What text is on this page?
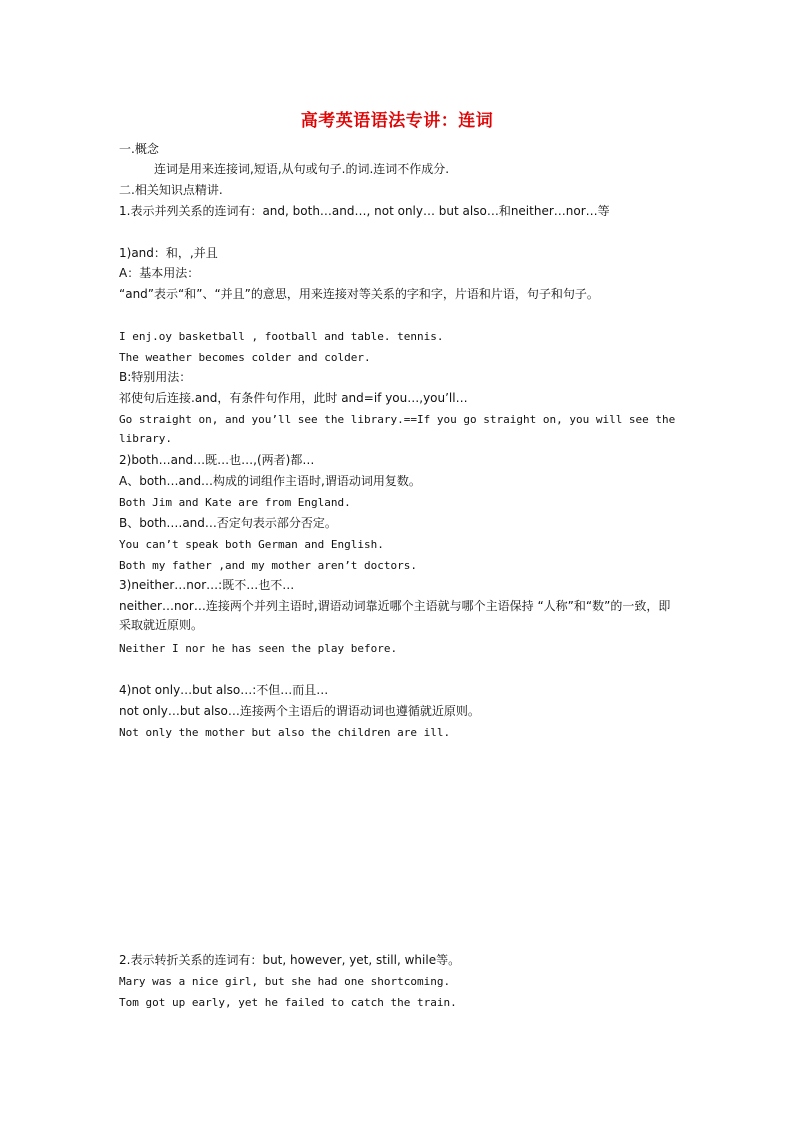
高考英语语法专讲：连词
一.概念
连词是用来连接词,短语,从句或句子.的词.连词不作成分.
二.相关知识点精讲.
1.表示并列关系的连词有：and, both…and…, not only… but also…和neither…nor…等
1)and：和，,并且
A：基本用法：
“and”表示“和”、“并且”的意思，用来连接对等关系的字和字，片语和片语，句子和句子。
I enj.oy basketball , football and table. tennis.
The weather becomes colder and colder.
B:特别用法：
祁使句后连接.and，有条件句作用，此时 and=if you…,you’ll…
Go straight on, and you’ll see the library.==If you go straight on, you will see the library.
2)both…and…既…也…,(两者)都…
A、both…and…构成的词组作主语时,谓语动词用复数。
Both Jim and Kate are from England.
B、both.…and…否定句表示部分否定。
You can’t speak both German and English.
Both my father ,and my mother aren’t doctors.
3)neither…nor…:既不…也不…
neither…nor…连接两个并列主语时,谓语动词靠近哪个主语就与哪个主语保持 “人称”和“数”的一致，即采取就近原则。
Neither I nor he has seen the play before.
4)not only…but also…:不但…而且…
not only…but also…连接两个主语后的谓语动词也遵循就近原则。
Not only the mother but also the children are ill.
2.表示转折关系的连词有：but, however, yet, still, while等。
Mary was a nice girl, but she had one shortcoming.
Tom got up early, yet he failed to catch the train.
